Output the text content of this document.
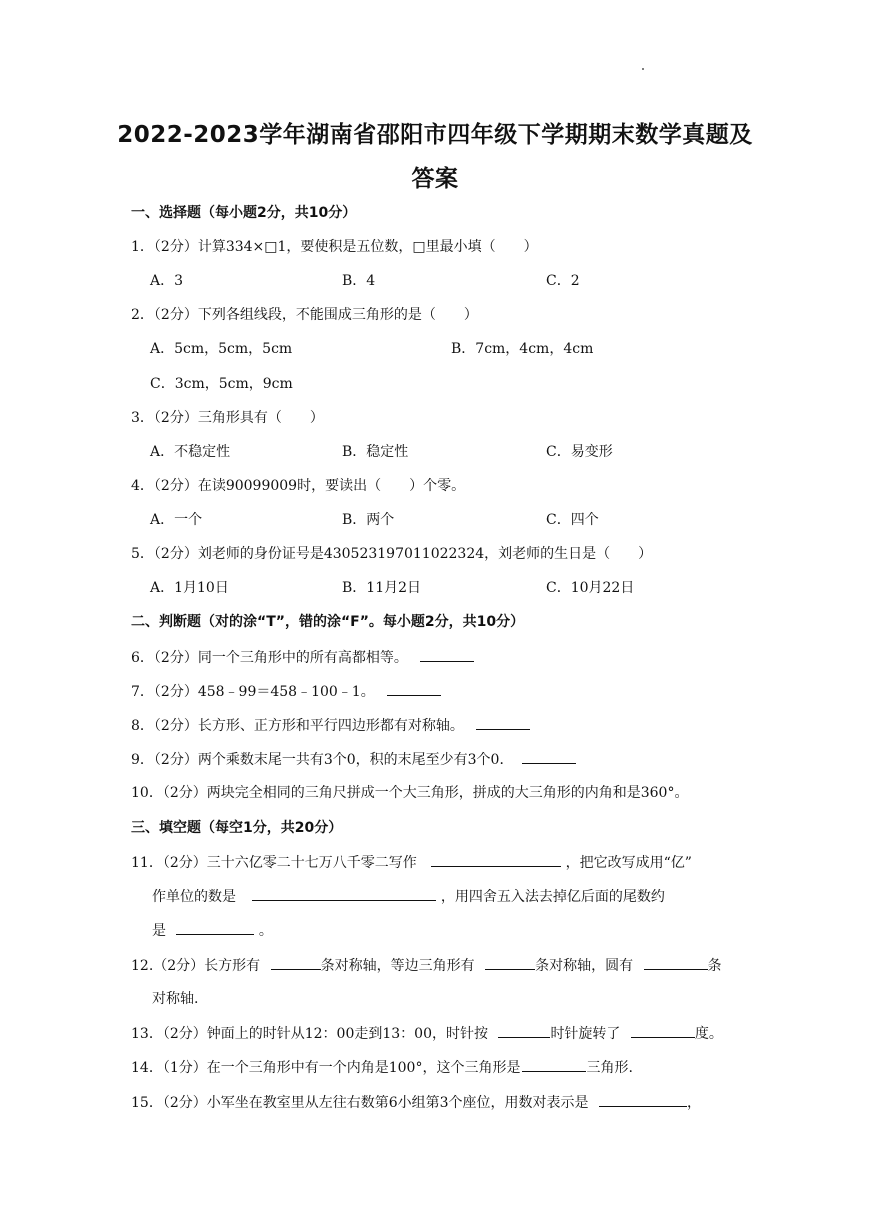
2022-2023学年湖南省邵阳市四年级下学期期末数学真题及
答案
一、选择题（每小题2分，共10分）
1．（2分）计算334×□1，要使积是五位数，□里最小填（　　）
A．3	B．4	C．2
2．（2分）下列各组线段，不能围成三角形的是（　　）
A．5cm，5cm，5cm	B．7cm，4cm，4cm
C．3cm，5cm，9cm
3．（2分）三角形具有（　　）
A．不稳定性	B．稳定性	C．易变形
4．（2分）在读90099009时，要读出（　　）个零。
A．一个	B．两个	C．四个
5．（2分）刘老师的身份证号是430523197011022324，刘老师的生日是（　　）
A．1月10日	B．11月2日	C．10月22日
二、判断题（对的涂“T”，错的涂“F”。每小题2分，共10分）
6．（2分）同一个三角形中的所有高都相等。
7．（2分）458﹣99＝458﹣100﹣1。
8．（2分）长方形、正方形和平行四边形都有对称轴。
9．（2分）两个乘数末尾一共有3个0，积的末尾至少有3个0．
10．（2分）两块完全相同的三角尺拼成一个大三角形，拼成的大三角形的内角和是360°。
三、填空题（每空1分，共20分）
11．（2分）三十六亿零二十七万八千零二写作	，把它改写成用“亿”
作单位的数是	，用四舍五入法去掉亿后面的尾数约
是	。
12.（2分）长方形有	条对称轴，等边三角形有	条对称轴，圆有	条
对称轴.
13．（2分）钟面上的时针从12：00走到13：00，时针按	时针旋转了	度。
14．（1分）在一个三角形中有一个内角是100°，这个三角形是	三角形.
15．（2分）小军坐在教室里从左往右数第6小组第3个座位，用数对表示是	，
